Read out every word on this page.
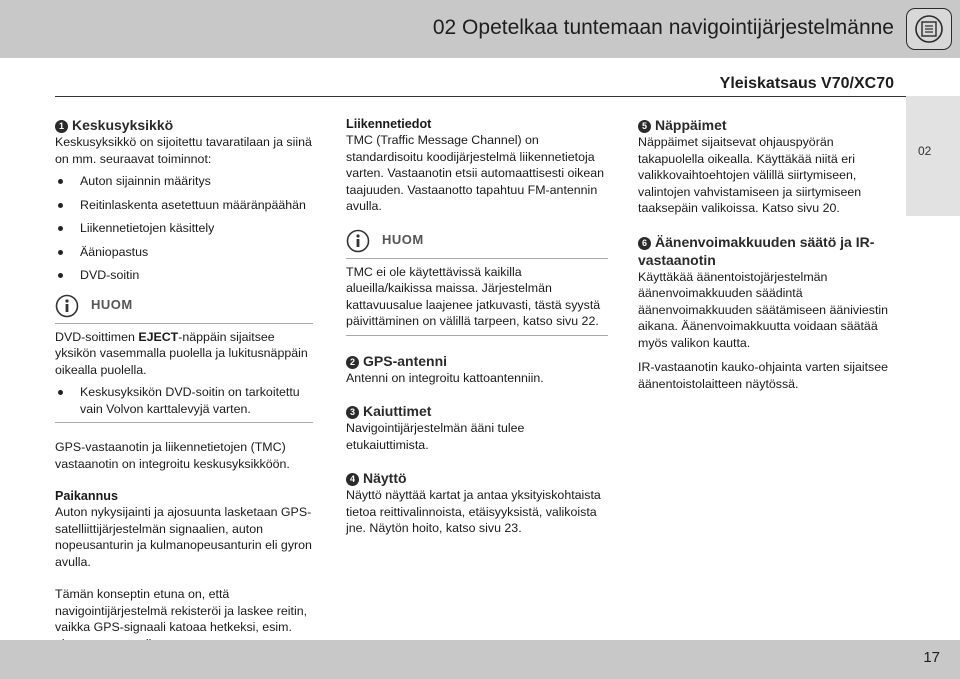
02 Opetelkaa tuntemaan navigointijärjestelmänne
Yleiskatsaus V70/XC70
02
1 Keskusyksikkö

Keskusyksikkö on sijoitettu tavaratilaan ja siinä on mm. seuraavat toiminnot:

Auton sijainnin määritys
Reitinlaskenta asetettuun määränpäähän
Liikennetietojen käsittely
Ääniopastus
DVD-soitin
HUOM

DVD-soittimen EJECT-näppäin sijaitsee yksikön vasemmalla puolella ja lukitusnäppäin oikealla puolella.

Keskusyksikön DVD-soitin on tarkoitettu vain Volvon karttalevyjä varten.

GPS-vastaanotin ja liikennetietojen (TMC) vastaanotin on integroitu keskusyksikköön.

Paikannus

Auton nykysijainti ja ajosuunta lasketaan GPS-satelliittijärjestelmän signaalien, auton nopeusanturin ja kulmanopeusanturin eli gyron avulla.

Tämän konseptin etuna on, että navigointijärjestelmä rekisteröi ja laskee reitin, vaikka GPS-signaali katoaa hetkeksi, esim.

Liikennetiedot

TMC (Traffic Message Channel) on standardisoitu koodijärjestelmä liikennetietoja varten. Vastaanotin etsii automaattisesti oikean taajuuden. Vastaanotto tapahtuu FM-antennin avulla.

HUOM

TMC ei ole käytettävissä kaikilla alueilla/kaikissa maissa. Järjestelmän kattavuusalue laajenee jatkuvasti, tästä syystä päivittäminen on välillä tarpeen, katso sivu 22.

2 GPS-antenni

Antenni on integroitu kattoantenniin.

3 Kaiuttimet

Navigointijärjestelmän ääni tulee etukaiuttimista.

4 Näyttö

Näyttö näyttää kartat ja antaa yksityiskohtaista tietoa reittivalinnoista, etäisyyksistä, valikoista jne. Näytön hoito, katso sivu 23.

5 Näppäimet

Näppäimet sijaitsevat ohjauspyörän takapuolella oikealla. Käyttäkää niitä eri valikkovaihtoehtojen välillä siirtymiseen, valintojen vahvistamiseen ja siirtymiseen taaksepäin valikoissa. Katso sivu 20.

6 Äänenvoimakkuuden säätö ja IR-vastaanotin

Käyttäkää äänentoistojärjestelmän äänenvoimakkuuden säädintä äänenvoimakkuuden säätämiseen ääniviestin aikana. Äänenvoimakkuutta voidaan säätää myös valikon kautta.

IR-vastaanotin kauko-ohjainta varten sijaitsee äänentoistolaitteen näytössä.

17
